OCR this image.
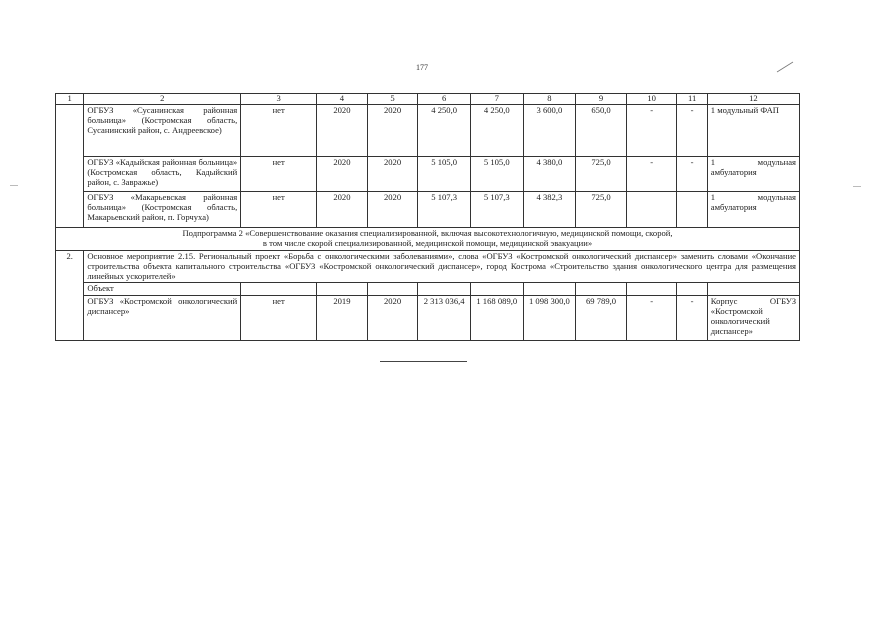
177
1	2	3	4	5	6	7	8	9	10	11	12
	ОГБУЗ «Сусанинская районная больница» (Костромская область, Сусанинский район, с. Андреевское)	нет	2020	2020	4 250,0	4 250,0	3 600,0	650,0	-	-	1 модульный ФАП
	ОГБУЗ «Кадыйская районная больница» (Костромская область, Кадыйский район, с. Завражье)	нет	2020	2020	5 105,0	5 105,0	4 380,0	725,0	-	-	1 модульная амбулатория
	ОГБУЗ «Макарьевская районная больница» (Костромская область, Макарьевский район, п. Горчуха)	нет	2020	2020	5 107,3	5 107,3	4 382,3	725,0			1 модульная амбулатория

Подпрограмма 2 «Совершенствование оказания специализированной, включая высокотехнологичную, медицинской помощи, скорой,
в том числе скорой специализированной, медицинской помощи, медицинской эвакуации»											

2.	Основное мероприятие 2.15. Региональный проект «Борьба с онкологическими заболеваниями», слова «ОГБУЗ «Костромской онкологический диспансер» заменить словами «Окончание строительства объекта капитального строительства «ОГБУЗ «Костромской онкологический диспансер», город Кострома «Строительство здания онкологического центра для размещения линейных ускорителей»										
	Объект										
	ОГБУЗ «Костромской онкологический диспансер»	нет	2019	2020	2 313 036,4	1 168 089,0	1 098 300,0	69 789,0	-	-	Корпус ОГБУЗ «Костромской онкологический диспансер»
